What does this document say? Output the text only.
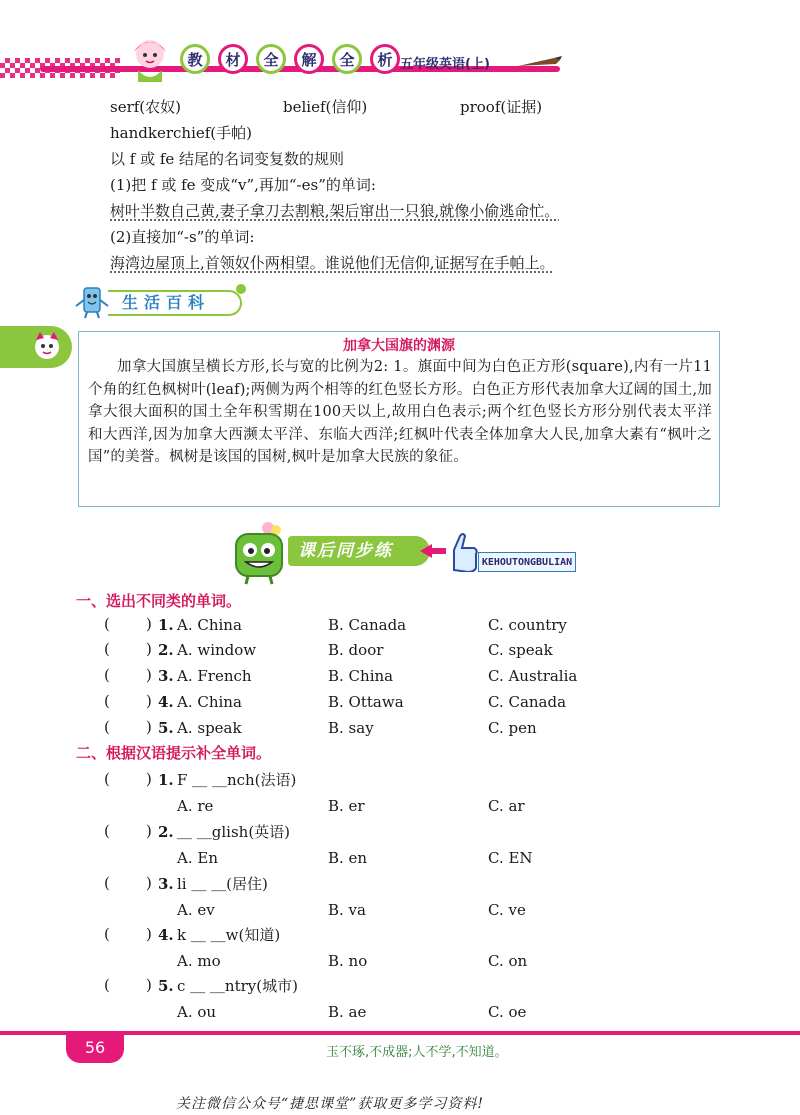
教	材	全	解	全	析 五年级英语(上)
serf(农奴)	belief(信仰)	proof(证据)
handkerchief(手帕)
以 f 或 fe 结尾的名词变复数的规则
(1)把 f 或 fe 变成“v”,再加“-es”的单词:
树叶半数自己黄,妻子拿刀去割粮,架后窜出一只狼,就像小偷逃命忙。
(2)直接加“-s”的单词:
海湾边屋顶上,首领奴仆两相望。谁说他们无信仰,证据写在手帕上。
生活百科
加拿大国旗的渊源
加拿大国旗呈横长方形,长与宽的比例为2: 1。旗面中间为白色正方形(square),内有一片11个角的红色枫树叶(leaf);两侧为两个相等的红色竖长方形。白色正方形代表加拿大辽阔的国土,加拿大很大面积的国土全年积雪期在100天以上,故用白色表示;两个红色竖长方形分别代表太平洋和大西洋,因为加拿大西濒太平洋、东临大西洋;红枫叶代表全体加拿大人民,加拿大素有“枫叶之国”的美誉。枫树是该国的国树,枫叶是加拿大民族的象征。
课后同步练
KEHOUTONGBULIAN
一、选出不同类的单词。
( ) 1. A. China	B. Canada	C. country
( ) 2. A. window	B. door	C. speak
( ) 3. A. French	B. China	C. Australia
( ) 4. A. China	B. Ottawa	C. Canada
( ) 5. A. speak	B. say	C. pen
二、根据汉语提示补全单词。
( ) 1. F ＿ ＿nch(法语)
A. re	B. er	C. ar
( ) 2. ＿ ＿glish(英语)
A. En	B. en	C. EN
( ) 3. li ＿ ＿(居住)
A. ev	B. va	C. ve
( ) 4. k ＿ ＿w(知道)
A. mo	B. no	C. on
( ) 5. c ＿ ＿ntry(城市)
A. ou	B. ae	C. oe
56	玉不琢,不成器;人不学,不知道。
关注微信公众号“捷思课堂”获取更多学习资料!
